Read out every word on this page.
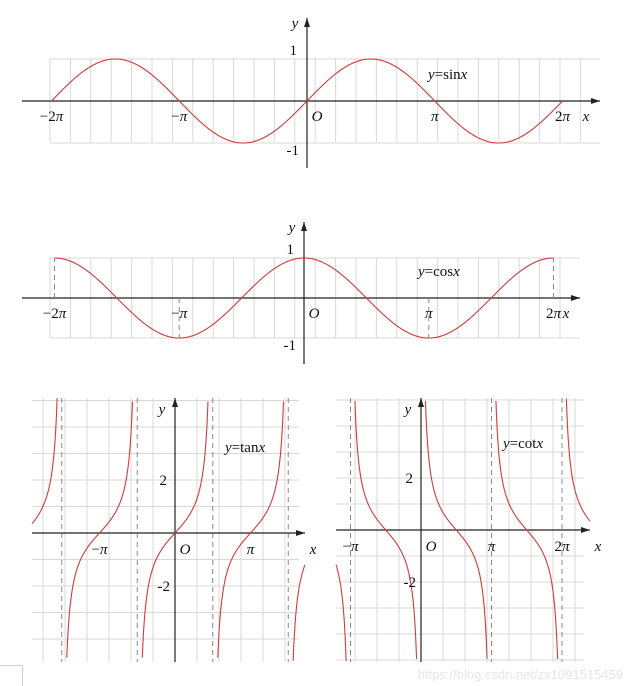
−2π	−π	π	2π
O
1
-1
x
y
y=sinx
−2π	−π	π	2π
O
1
-1
x
y
y=cosx
−π	π
O
2
-2
x
y
y=tanx
−π	π	2π
O
2
-2
x
y
y=cotx
https://blog.csdn.net/zx1091515459
